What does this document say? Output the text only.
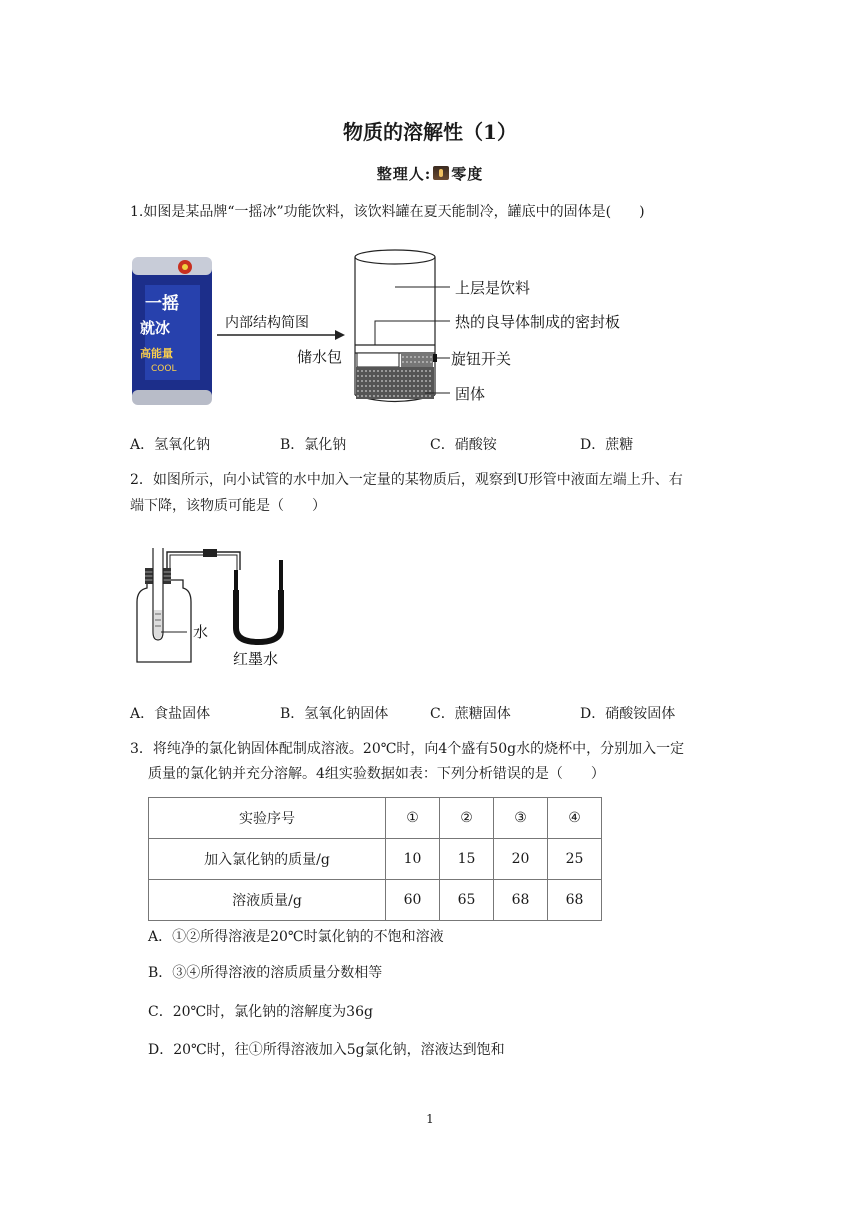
物质的溶解性（1）
整理人: 零度
1.如图是某品牌“一摇冰”功能饮料，该饮料罐在夏天能制冷，罐底中的固体是(　　)
一摇
就冰
高能量
COOL
内部结构简图
上层是饮料
热的良导体制成的密封板
储水包	旋钮开关
固体
A．氢氧化钠	B．氯化钠	C．硝酸铵	D．蔗糖
2．如图所示，向小试管的水中加入一定量的某物质后，观察到U形管中液面左端上升、右
端下降，该物质可能是（　　）
水
红墨水
A．食盐固体	B．氢氧化钠固体	C．蔗糖固体	D．硝酸铵固体
3．将纯净的氯化钠固体配制成溶液。20℃时，向4个盛有50g水的烧杯中，分别加入一定
质量的氯化钠并充分溶解。4组实验数据如表：下列分析错误的是（　　）
实验序号	①	②	③	④
加入氯化钠的质量/g	10	15	20	25
溶液质量/g	60	65	68	68
A．①②所得溶液是20℃时氯化钠的不饱和溶液
B．③④所得溶液的溶质质量分数相等
C．20℃时，氯化钠的溶解度为36g
D．20℃时，往①所得溶液加入5g氯化钠，溶液达到饱和
1
